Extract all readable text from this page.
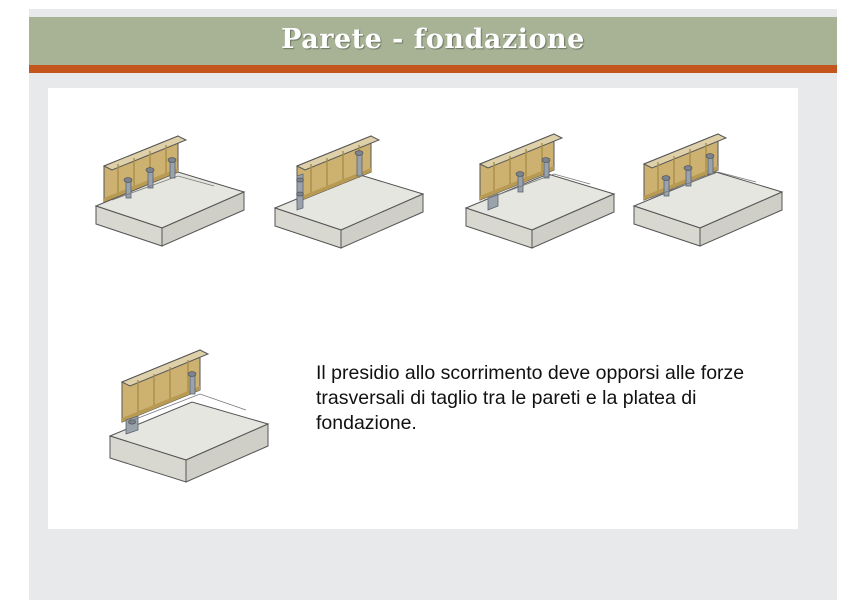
Parete - fondazione
Il presidio allo scorrimento deve opporsi alle forze trasversali di taglio tra le pareti e la platea di fondazione.
